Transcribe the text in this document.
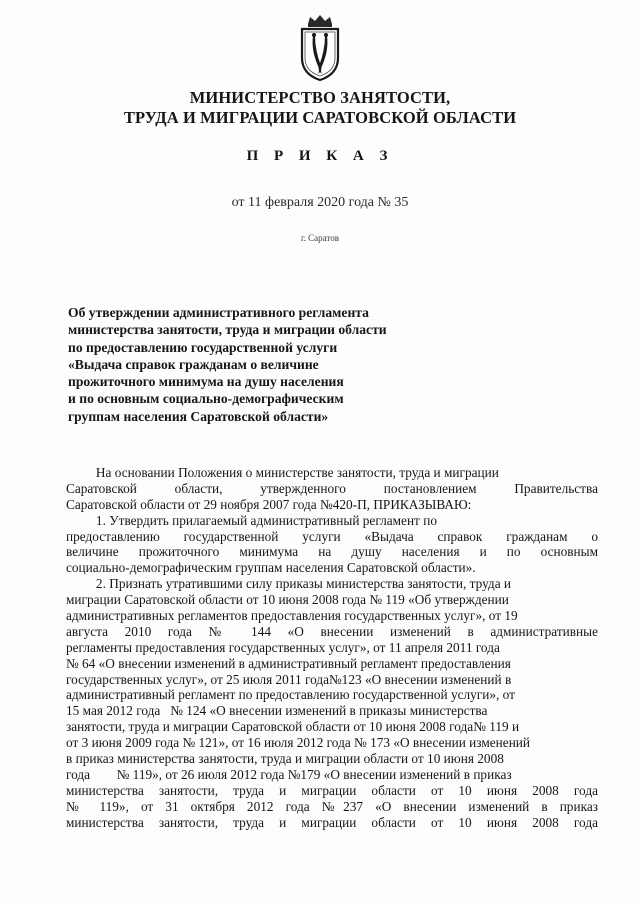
МИНИСТЕРСТВО ЗАНЯТОСТИ,
ТРУДА И МИГРАЦИИ САРАТОВСКОЙ ОБЛАСТИ
П Р И К А З
от 11 февраля 2020 года № 35
г. Саратов
Об утверждении административного регламента
министерства занятости, труда и миграции области
по предоставлению государственной услуги
«Выдача справок гражданам о величине
прожиточного минимума на душу населения
и по основным социально-демографическим
группам населения Саратовской области»
На основании Положения о министерстве занятости, труда и миграции
Саратовской области, утвержденного постановлением Правительства
Саратовской области от 29 ноября 2007 года №420-П, ПРИКАЗЫВАЮ:
1. Утвердить прилагаемый административный регламент по
предоставлению государственной услуги «Выдача справок гражданам о
величине прожиточного минимума на душу населения и по основным
социально-демографическим группам населения Саратовской области».
2. Признать утратившими силу приказы министерства занятости, труда и
миграции Саратовской области от 10 июня 2008 года № 119 «Об утверждении
административных регламентов предоставления государственных услуг», от 19
августа 2010 года № 144 «О внесении изменений в административные
регламенты предоставления государственных услуг», от 11 апреля 2011 года
№ 64 «О внесении изменений в административный регламент предоставления
государственных услуг», от 25 июля 2011 года№123 «О внесении изменений в
административный регламент по предоставлению государственной услуги», от
15 мая 2012 года   № 124 «О внесении изменений в приказы министерства
занятости, труда и миграции Саратовской области от 10 июня 2008 года№ 119 и
от 3 июня 2009 года № 121», от 16 июля 2012 года № 173 «О внесении изменений
в приказ министерства занятости, труда и миграции области от 10 июня 2008
года        № 119», от 26 июля 2012 года №179 «О внесении изменений в приказ
министерства занятости, труда и миграции области от 10 июня 2008 года
№ 119», от 31 октября 2012 года №237 «О внесении изменений в приказ
министерства занятости, труда и миграции области от 10 июня 2008 года
